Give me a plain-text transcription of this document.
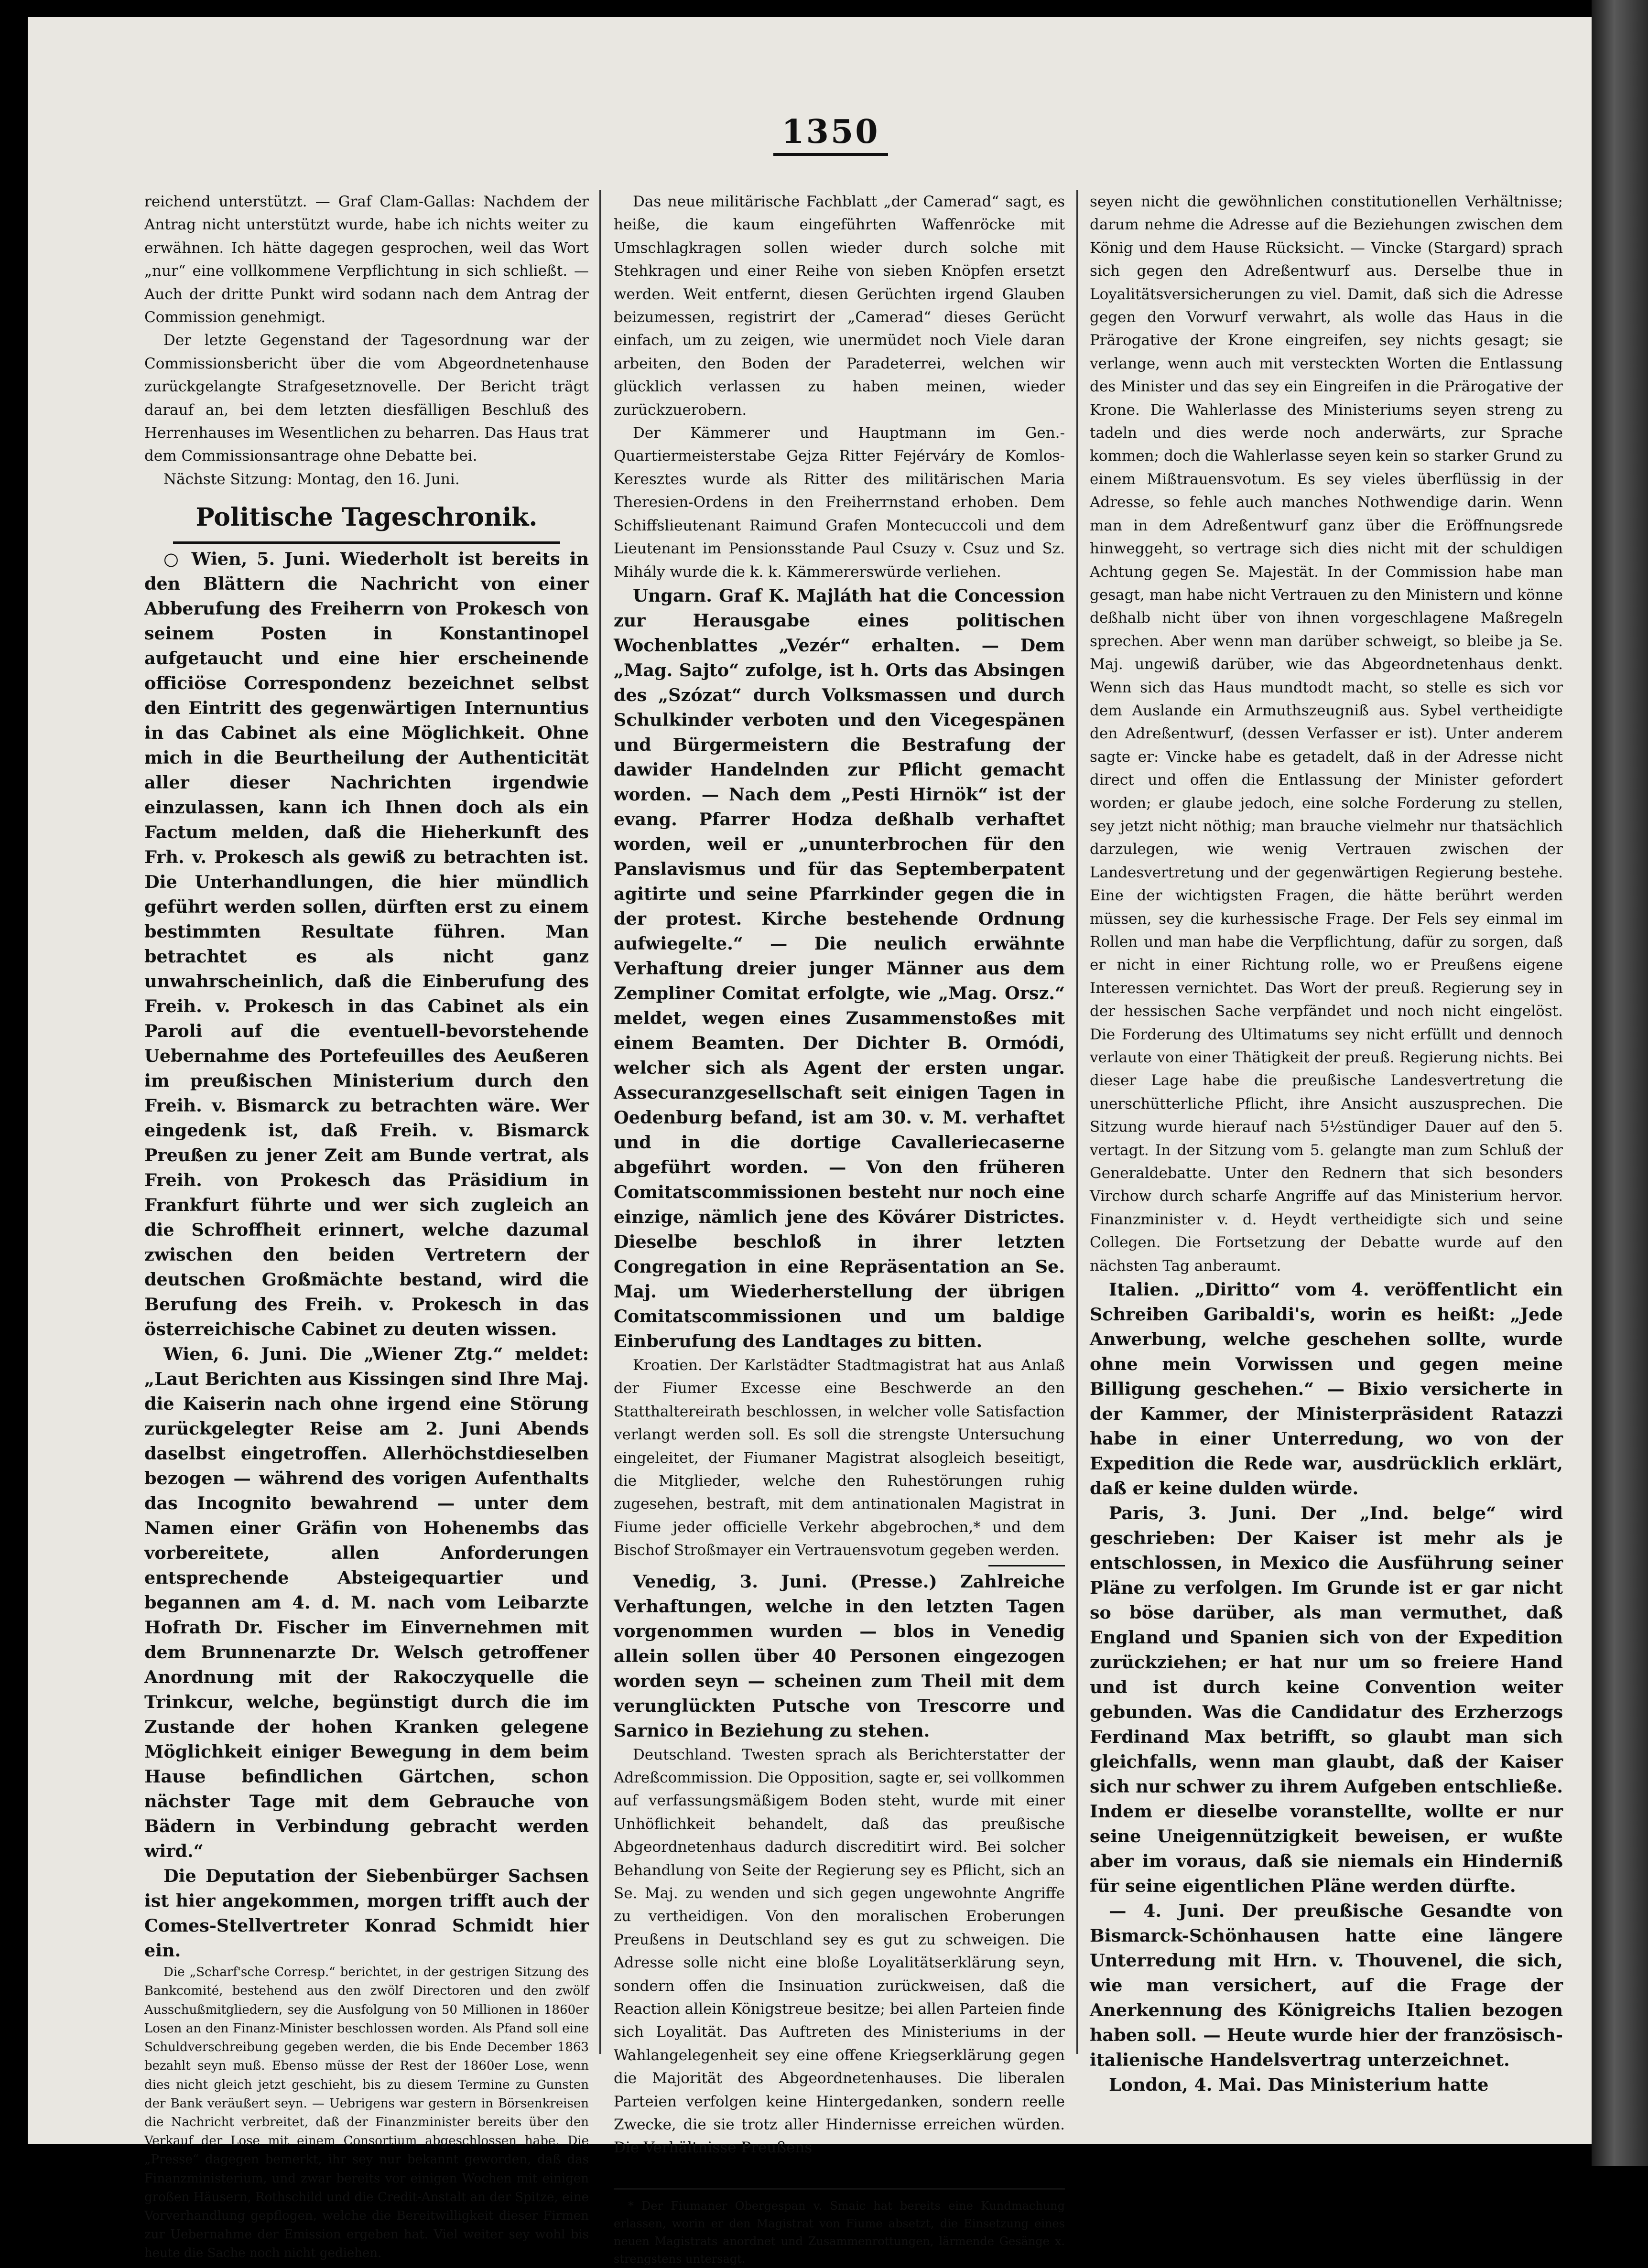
1350

reichend unterstützt. — Graf Clam-Gallas: Nachdem der Antrag nicht unterstützt wurde, habe ich nichts weiter zu erwähnen. Ich hätte dagegen gesprochen, weil das Wort „nur“ eine vollkommene Verpflichtung in sich schließt. — Auch der dritte Punkt wird sodann nach dem Antrag der Commission genehmigt.

Der letzte Gegenstand der Tagesordnung war der Commissionsbericht über die vom Abgeordnetenhause zurückgelangte Strafgesetznovelle. Der Bericht trägt darauf an, bei dem letzten diesfälligen Beschluß des Herrenhauses im Wesentlichen zu beharren. Das Haus trat dem Commissionsantrage ohne Debatte bei.

Nächste Sitzung: Montag, den 16. Juni.

Politische Tageschronik.

○ Wien, 5. Juni. Wiederholt ist bereits in den Blättern die Nachricht von einer Abberufung des Freiherrn von Prokesch von seinem Posten in Konstantinopel aufgetaucht und eine hier erscheinende officiöse Correspondenz bezeichnet selbst den Eintritt des gegenwärtigen Internuntius in das Cabinet als eine Möglichkeit. Ohne mich in die Beurtheilung der Authenticität aller dieser Nachrichten irgendwie einzulassen, kann ich Ihnen doch als ein Factum melden, daß die Hieherkunft des Frh. v. Prokesch als gewiß zu betrachten ist. Die Unterhandlungen, die hier mündlich geführt werden sollen, dürften erst zu einem bestimmten Resultate führen. Man betrachtet es als nicht ganz unwahrscheinlich, daß die Einberufung des Freih. v. Prokesch in das Cabinet als ein Paroli auf die eventuell-bevorstehende Uebernahme des Portefeuilles des Aeußeren im preußischen Ministerium durch den Freih. v. Bismarck zu betrachten wäre. Wer eingedenk ist, daß Freih. v. Bismarck Preußen zu jener Zeit am Bunde vertrat, als Freih. von Prokesch das Präsidium in Frankfurt führte und wer sich zugleich an die Schroffheit erinnert, welche dazumal zwischen den beiden Vertretern der deutschen Großmächte bestand, wird die Berufung des Freih. v. Prokesch in das österreichische Cabinet zu deuten wissen.

Wien, 6. Juni. Die „Wiener Ztg.“ meldet: „Laut Berichten aus Kissingen sind Ihre Maj. die Kaiserin nach ohne irgend eine Störung zurückgelegter Reise am 2. Juni Abends daselbst eingetroffen. Allerhöchstdieselben bezogen — während des vorigen Aufenthalts das Incognito bewahrend — unter dem Namen einer Gräfin von Hohenembs das vorbereitete, allen Anforderungen entsprechende Absteigequartier und begannen am 4. d. M. nach vom Leibarzte Hofrath Dr. Fischer im Einvernehmen mit dem Brunnenarzte Dr. Welsch getroffener Anordnung mit der Rakoczyquelle die Trinkcur, welche, begünstigt durch die im Zustande der hohen Kranken gelegene Möglichkeit einiger Bewegung in dem beim Hause befindlichen Gärtchen, schon nächster Tage mit dem Gebrauche von Bädern in Verbindung gebracht werden wird.“

Die Deputation der Siebenbürger Sachsen ist hier angekommen, morgen trifft auch der Comes-Stellvertreter Konrad Schmidt hier ein.

Die „Scharf'sche Corresp.“ berichtet, in der gestrigen Sitzung des Bankcomité, bestehend aus den zwölf Directoren und den zwölf Ausschußmitgliedern, sey die Ausfolgung von 50 Millionen in 1860er Losen an den Finanz-Minister beschlossen worden. Als Pfand soll eine Schuldverschreibung gegeben werden, die bis Ende December 1863 bezahlt seyn muß. Ebenso müsse der Rest der 1860er Lose, wenn dies nicht gleich jetzt geschieht, bis zu diesem Termine zu Gunsten der Bank veräußert seyn. — Uebrigens war gestern in Börsenkreisen die Nachricht verbreitet, daß der Finanzminister bereits über den Verkauf der Lose mit einem Consortium abgeschlossen habe. Die „Presse“ dagegen bemerkt, ihr sey nur bekannt geworden, daß das Finanzministerium, und zwar bereits vor einigen Wochen mit einigen großen Häusern, Rothschild und die Credit-Anstalt an der Spitze, eine Vorverhandlung gepflogen, welche die Bereitwilligkeit dieser Firmen zur Uebernahme der Emission ergeben hat. Viel weiter sey wohl bis heute die Sache noch nicht gediehen.

Das neue militärische Fachblatt „der Camerad“ sagt, es heiße, die kaum eingeführten Waffenröcke mit Umschlagkragen sollen wieder durch solche mit Stehkragen und einer Reihe von sieben Knöpfen ersetzt werden. Weit entfernt, diesen Gerüchten irgend Glauben beizumessen, registrirt der „Camerad“ dieses Gerücht einfach, um zu zeigen, wie unermüdet noch Viele daran arbeiten, den Boden der Paradeterrei, welchen wir glücklich verlassen zu haben meinen, wieder zurückzuerobern.

Der Kämmerer und Hauptmann im Gen.-Quartiermeisterstabe Gejza Ritter Fejérváry de Komlos-Keresztes wurde als Ritter des militärischen Maria Theresien-Ordens in den Freiherrnstand erhoben. Dem Schiffslieutenant Raimund Grafen Montecuccoli und dem Lieutenant im Pensionsstande Paul Csuzy v. Csuz und Sz. Mihály wurde die k. k. Kämmererswürde verliehen.

Ungarn. Graf K. Majláth hat die Concession zur Herausgabe eines politischen Wochenblattes „Vezér“ erhalten. — Dem „Mag. Sajto“ zufolge, ist h. Orts das Absingen des „Szózat“ durch Volksmassen und durch Schulkinder verboten und den Vicegespänen und Bürgermeistern die Bestrafung der dawider Handelnden zur Pflicht gemacht worden. — Nach dem „Pesti Hirnök“ ist der evang. Pfarrer Hodza deßhalb verhaftet worden, weil er „ununterbrochen für den Panslavismus und für das Septemberpatent agitirte und seine Pfarrkinder gegen die in der protest. Kirche bestehende Ordnung aufwiegelte.“ — Die neulich erwähnte Verhaftung dreier junger Männer aus dem Zempliner Comitat erfolgte, wie „Mag. Orsz.“ meldet, wegen eines Zusammenstoßes mit einem Beamten. Der Dichter B. Ormódi, welcher sich als Agent der ersten ungar. Assecuranzgesellschaft seit einigen Tagen in Oedenburg befand, ist am 30. v. M. verhaftet und in die dortige Cavalleriecaserne abgeführt worden. — Von den früheren Comitatscommissionen besteht nur noch eine einzige, nämlich jene des Kövárer Districtes. Dieselbe beschloß in ihrer letzten Congregation in eine Repräsentation an Se. Maj. um Wiederherstellung der übrigen Comitatscommissionen und um baldige Einberufung des Landtages zu bitten.

Kroatien. Der Karlstädter Stadtmagistrat hat aus Anlaß der Fiumer Excesse eine Beschwerde an den Statthaltereirath beschlossen, in welcher volle Satisfaction verlangt werden soll. Es soll die strengste Untersuchung eingeleitet, der Fiumaner Magistrat alsogleich beseitigt, die Mitglieder, welche den Ruhestörungen ruhig zugesehen, bestraft, mit dem antinationalen Magistrat in Fiume jeder officielle Verkehr abgebrochen,* und dem Bischof Stroßmayer ein Vertrauensvotum gegeben werden.

Venedig, 3. Juni. (Presse.) Zahlreiche Verhaftungen, welche in den letzten Tagen vorgenommen wurden — blos in Venedig allein sollen über 40 Personen eingezogen worden seyn — scheinen zum Theil mit dem verunglückten Putsche von Trescorre und Sarnico in Beziehung zu stehen.

Deutschland. Twesten sprach als Berichterstatter der Adreßcommission. Die Opposition, sagte er, sei vollkommen auf verfassungsmäßigem Boden steht, wurde mit einer Unhöflichkeit behandelt, daß das preußische Abgeordnetenhaus dadurch discreditirt wird. Bei solcher Behandlung von Seite der Regierung sey es Pflicht, sich an Se. Maj. zu wenden und sich gegen ungewohnte Angriffe zu vertheidigen. Von den moralischen Eroberungen Preußens in Deutschland sey es gut zu schweigen. Die Adresse solle nicht eine bloße Loyalitätserklärung seyn, sondern offen die Insinuation zurückweisen, daß die Reaction allein Königstreue besitze; bei allen Parteien finde sich Loyalität. Das Auftreten des Ministeriums in der Wahlangelegenheit sey eine offene Kriegserklärung gegen die Majorität des Abgeordnetenhauses. Die liberalen Parteien verfolgen keine Hintergedanken, sondern reelle Zwecke, die sie trotz aller Hindernisse erreichen würden. Die Verhältnisse Preußens

* Der Fiumaner Obergespan v. Smaic hat bereits eine Kundmachung erlassen, worin er den Magistrat von Fiume absetzt, die Einsetzung eines neuen Magistrats anordnet und Zusammenrottungen, lärmende Gesänge x. strengstens untersagt.

seyen nicht die gewöhnlichen constitutionellen Verhältnisse; darum nehme die Adresse auf die Beziehungen zwischen dem König und dem Hause Rücksicht. — Vincke (Stargard) sprach sich gegen den Adreßentwurf aus. Derselbe thue in Loyalitätsversicherungen zu viel. Damit, daß sich die Adresse gegen den Vorwurf verwahrt, als wolle das Haus in die Prärogative der Krone eingreifen, sey nichts gesagt; sie verlange, wenn auch mit versteckten Worten die Entlassung des Minister und das sey ein Eingreifen in die Prärogative der Krone. Die Wahlerlasse des Ministeriums seyen streng zu tadeln und dies werde noch anderwärts, zur Sprache kommen; doch die Wahlerlasse seyen kein so starker Grund zu einem Mißtrauensvotum. Es sey vieles überflüssig in der Adresse, so fehle auch manches Nothwendige darin. Wenn man in dem Adreßentwurf ganz über die Eröffnungsrede hinweggeht, so vertrage sich dies nicht mit der schuldigen Achtung gegen Se. Majestät. In der Commission habe man gesagt, man habe nicht Vertrauen zu den Ministern und könne deßhalb nicht über von ihnen vorgeschlagene Maßregeln sprechen. Aber wenn man darüber schweigt, so bleibe ja Se. Maj. ungewiß darüber, wie das Abgeordnetenhaus denkt. Wenn sich das Haus mundtodt macht, so stelle es sich vor dem Auslande ein Armuthszeugniß aus. Sybel vertheidigte den Adreßentwurf, (dessen Verfasser er ist). Unter anderem sagte er: Vincke habe es getadelt, daß in der Adresse nicht direct und offen die Entlassung der Minister gefordert worden; er glaube jedoch, eine solche Forderung zu stellen, sey jetzt nicht nöthig; man brauche vielmehr nur thatsächlich darzulegen, wie wenig Vertrauen zwischen der Landesvertretung und der gegenwärtigen Regierung bestehe. Eine der wichtigsten Fragen, die hätte berührt werden müssen, sey die kurhessische Frage. Der Fels sey einmal im Rollen und man habe die Verpflichtung, dafür zu sorgen, daß er nicht in einer Richtung rolle, wo er Preußens eigene Interessen vernichtet. Das Wort der preuß. Regierung sey in der hessischen Sache verpfändet und noch nicht eingelöst. Die Forderung des Ultimatums sey nicht erfüllt und dennoch verlaute von einer Thätigkeit der preuß. Regierung nichts. Bei dieser Lage habe die preußische Landesvertretung die unerschütterliche Pflicht, ihre Ansicht auszusprechen. Die Sitzung wurde hierauf nach 5½stündiger Dauer auf den 5. vertagt. In der Sitzung vom 5. gelangte man zum Schluß der Generaldebatte. Unter den Rednern that sich besonders Virchow durch scharfe Angriffe auf das Ministerium hervor. Finanzminister v. d. Heydt vertheidigte sich und seine Collegen. Die Fortsetzung der Debatte wurde auf den nächsten Tag anberaumt.

Italien. „Diritto“ vom 4. veröffentlicht ein Schreiben Garibaldi's, worin es heißt: „Jede Anwerbung, welche geschehen sollte, wurde ohne mein Vorwissen und gegen meine Billigung geschehen.“ — Bixio versicherte in der Kammer, der Ministerpräsident Ratazzi habe in einer Unterredung, wo von der Expedition die Rede war, ausdrücklich erklärt, daß er keine dulden würde.

Paris, 3. Juni. Der „Ind. belge“ wird geschrieben: Der Kaiser ist mehr als je entschlossen, in Mexico die Ausführung seiner Pläne zu verfolgen. Im Grunde ist er gar nicht so böse darüber, als man vermuthet, daß England und Spanien sich von der Expedition zurückziehen; er hat nur um so freiere Hand und ist durch keine Convention weiter gebunden. Was die Candidatur des Erzherzogs Ferdinand Max betrifft, so glaubt man sich gleichfalls, wenn man glaubt, daß der Kaiser sich nur schwer zu ihrem Aufgeben entschließe. Indem er dieselbe voranstellte, wollte er nur seine Uneigennützigkeit beweisen, er wußte aber im voraus, daß sie niemals ein Hinderniß für seine eigentlichen Pläne werden dürfte.

— 4. Juni. Der preußische Gesandte von Bismarck-Schönhausen hatte eine längere Unterredung mit Hrn. v. Thouvenel, die sich, wie man versichert, auf die Frage der Anerkennung des Königreichs Italien bezogen haben soll. — Heute wurde hier der französisch-italienische Handelsvertrag unterzeichnet.

London, 4. Mai. Das Ministerium hatte
